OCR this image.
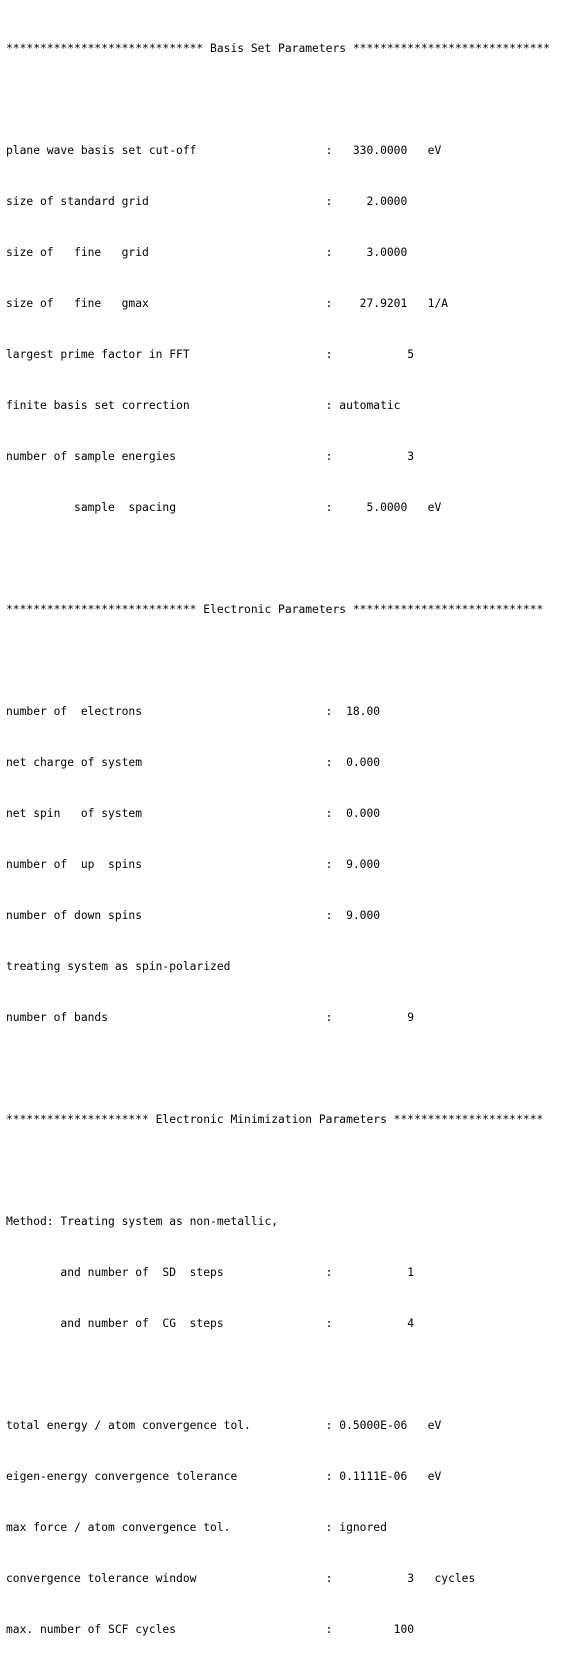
***************************** Basis Set Parameters *****************************

plane wave basis set cut-off                   :   330.0000   eV

size of standard grid                          :     2.0000

size of   fine   grid                          :     3.0000

size of   fine   gmax                          :    27.9201   1/A

largest prime factor in FFT                    :           5

finite basis set correction                    : automatic

number of sample energies                      :           3

sample  spacing                      :     5.0000   eV

**************************** Electronic Parameters ****************************

number of  electrons                           :  18.00

net charge of system                           :  0.000

net spin   of system                           :  0.000

number of  up  spins                           :  9.000

number of down spins                           :  9.000

treating system as spin-polarized

number of bands                                :           9

********************* Electronic Minimization Parameters **********************

Method: Treating system as non-metallic,

and number of  SD  steps               :           1

and number of  CG  steps               :           4

total energy / atom convergence tol.           : 0.5000E-06   eV

eigen-energy convergence tolerance             : 0.1111E-06   eV

max force / atom convergence tol.              : ignored

convergence tolerance window                   :           3   cycles

max. number of SCF cycles                      :         100
